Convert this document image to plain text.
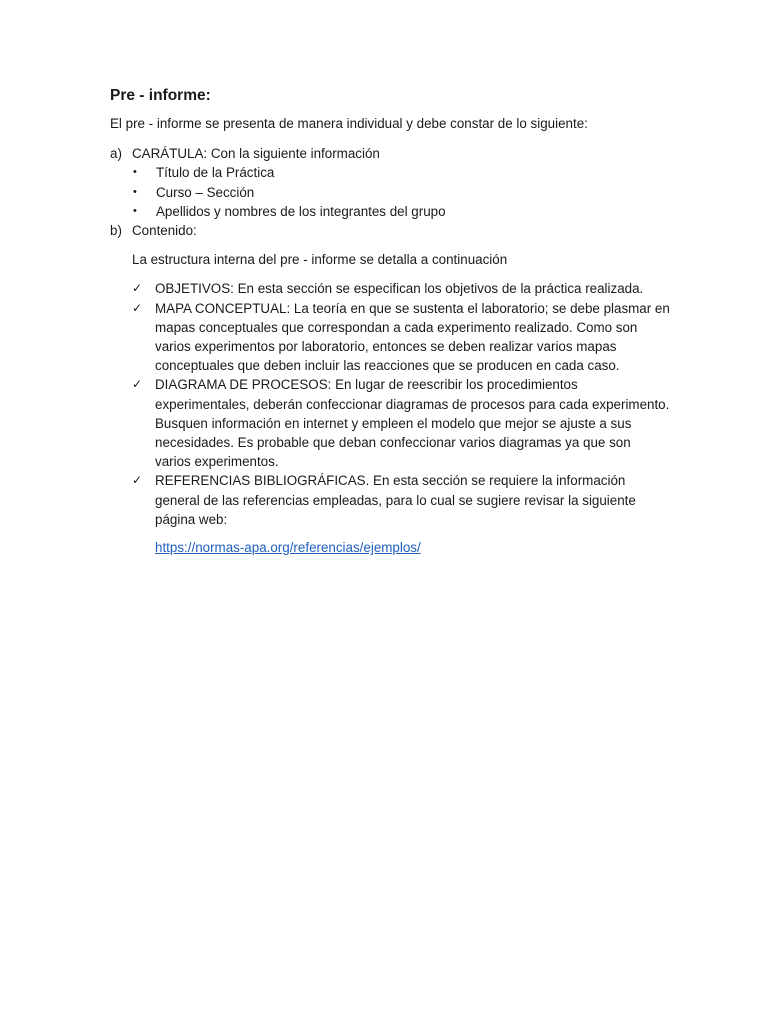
Pre - informe:
El pre - informe se presenta de manera individual y debe constar de lo siguiente:
a) CARÁTULA: Con la siguiente información
•	Título de la Práctica
•	Curso – Sección
•	Apellidos y nombres de los integrantes del grupo
b) Contenido:
La estructura interna del pre - informe se detalla a continuación
✓ OBJETIVOS: En esta sección se especifican los objetivos de la práctica realizada.
✓ MAPA CONCEPTUAL: La teoría en que se sustenta el laboratorio; se debe plasmar en mapas conceptuales que correspondan a cada experimento realizado. Como son varios experimentos por laboratorio, entonces se deben realizar varios mapas conceptuales que deben incluir las reacciones que se producen en cada caso.
✓ DIAGRAMA DE PROCESOS: En lugar de reescribir los procedimientos experimentales, deberán confeccionar diagramas de procesos para cada experimento. Busquen información en internet y empleen el modelo que mejor se ajuste a sus necesidades. Es probable que deban confeccionar varios diagramas ya que son varios experimentos.
✓ REFERENCIAS BIBLIOGRÁFICAS. En esta sección se requiere la información general de las referencias empleadas, para lo cual se sugiere revisar la siguiente página web:
https://normas-apa.org/referencias/ejemplos/
